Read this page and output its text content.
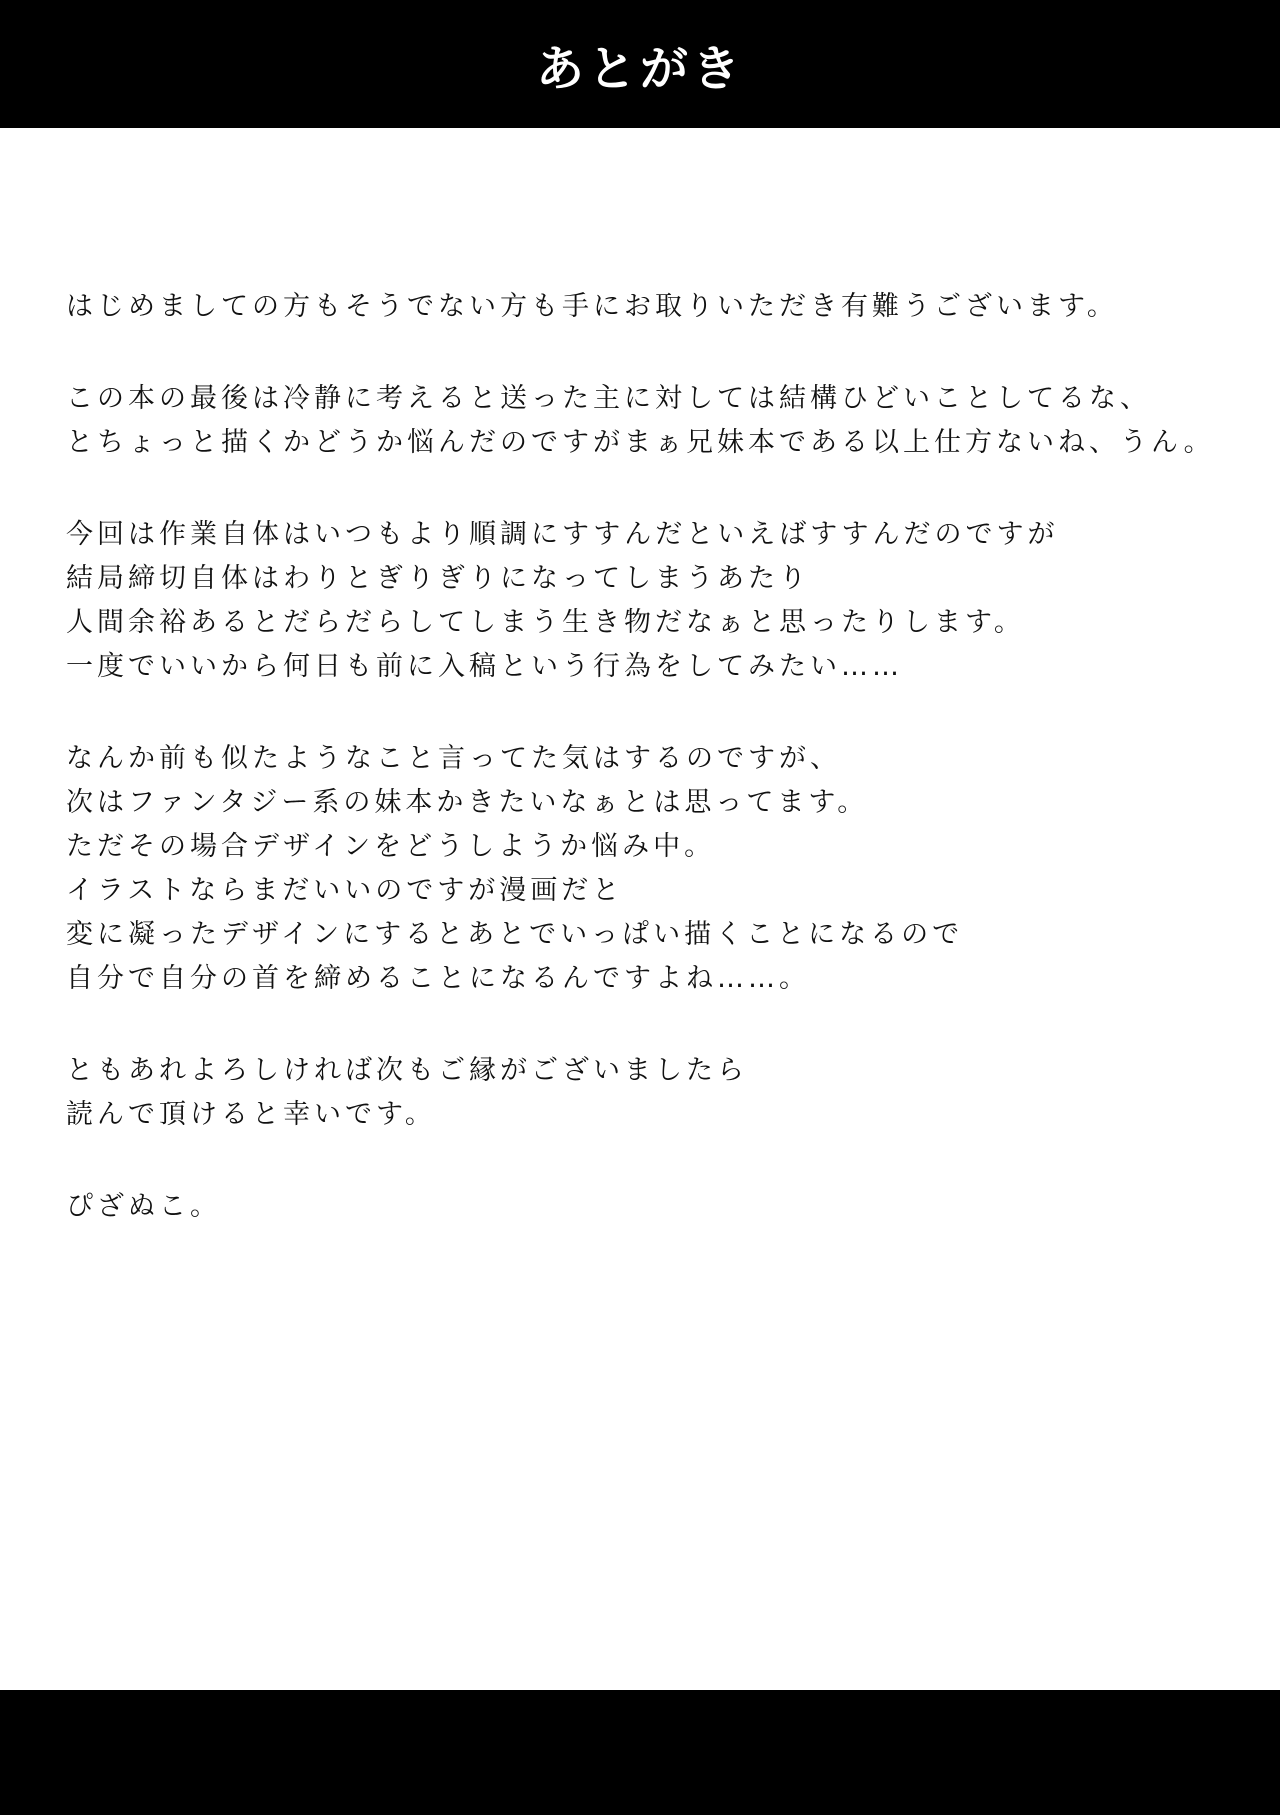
あとがき
はじめましての方もそうでない方も手にお取りいただき有難うございます。
この本の最後は冷静に考えると送った主に対しては結構ひどいことしてるな、
とちょっと描くかどうか悩んだのですがまぁ兄妹本である以上仕方ないね、うん。
今回は作業自体はいつもより順調にすすんだといえばすすんだのですが
結局締切自体はわりとぎりぎりになってしまうあたり
人間余裕あるとだらだらしてしまう生き物だなぁと思ったりします。
一度でいいから何日も前に入稿という行為をしてみたい……
なんか前も似たようなこと言ってた気はするのですが、
次はファンタジー系の妹本かきたいなぁとは思ってます。
ただその場合デザインをどうしようか悩み中。
イラストならまだいいのですが漫画だと
変に凝ったデザインにするとあとでいっぱい描くことになるので
自分で自分の首を締めることになるんですよね……。
ともあれよろしければ次もご縁がございましたら
読んで頂けると幸いです。
ぴざぬこ。
